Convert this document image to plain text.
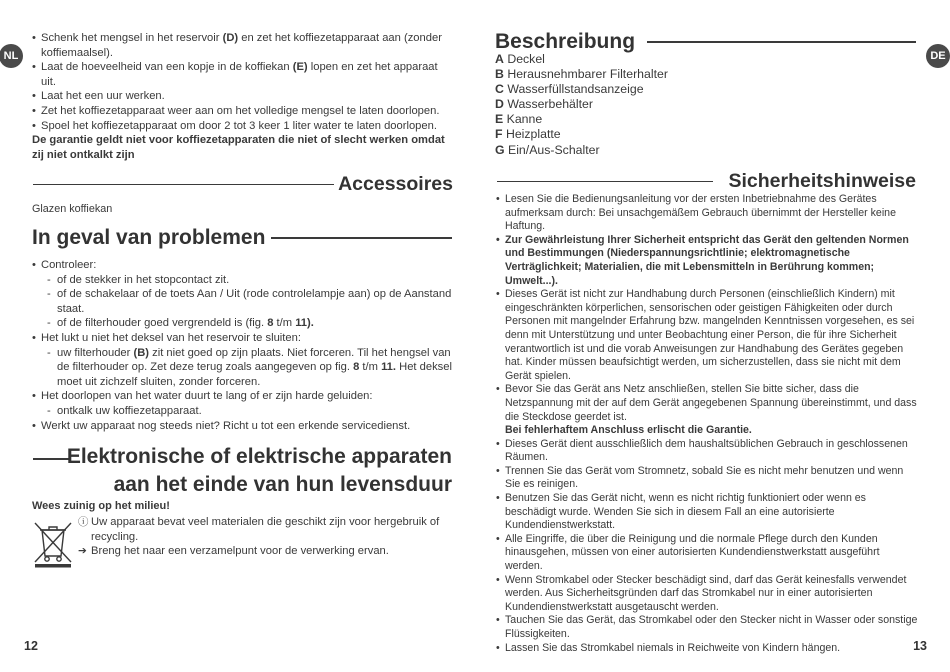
NL
• Schenk het mengsel in het reservoir (D) en zet het koffiezetapparaat aan (zonder koffiemaalsel).
• Laat de hoeveelheid van een kopje in de koffiekan (E) lopen en zet het apparaat uit.
• Laat het een uur werken.
• Zet het koffiezetapparaat weer aan om het volledige mengsel te laten doorlopen.
• Spoel het koffiezetapparaat om door 2 tot 3 keer 1 liter water te laten doorlopen.
De garantie geldt niet voor koffiezetapparaten die niet of slecht werken omdat zij niet ontkalkt zijn
Accessoires
Glazen koffiekan
In geval van problemen
• Controleer:
- of de stekker in het stopcontact zit.
- of de schakelaar of de toets Aan / Uit (rode controlelampje aan) op de Aanstand staat.
- of de filterhouder goed vergrendeld is (fig. 8 t/m 11).
• Het lukt u niet het deksel van het reservoir te sluiten:
- uw filterhouder (B) zit niet goed op zijn plaats. Niet forceren. Til het hengsel van de filterhouder op. Zet deze terug zoals aangegeven op fig. 8 t/m 11. Het deksel moet uit zichzelf sluiten, zonder forceren.
• Het doorlopen van het water duurt te lang of er zijn harde geluiden:
- ontkalk uw koffiezetapparaat.
• Werkt uw apparaat nog steeds niet? Richt u tot een erkende servicedienst.
Elektronische of elektrische apparaten
aan het einde van hun levensduur
Wees zuinig op het milieu!
ⓘ Uw apparaat bevat veel materialen die geschikt zijn voor hergebruik of recycling.
➔ Breng het naar een verzamelpunt voor de verwerking ervan.
12
DE
Beschreibung
A Deckel
B Herausnehmbarer Filterhalter
C Wasserfüllstandsanzeige
D Wasserbehälter
E Kanne
F Heizplatte
G Ein/Aus-Schalter
Sicherheitshinweise
• Lesen Sie die Bedienungsanleitung vor der ersten Inbetriebnahme des Gerätes aufmerksam durch: Bei unsachgemäßem Gebrauch übernimmt der Hersteller keine Haftung.
• Zur Gewährleistung Ihrer Sicherheit entspricht das Gerät den geltenden Normen und Bestimmungen (Niederspannungsrichtlinie; elektromagnetische Verträglichkeit; Materialien, die mit Lebensmitteln in Berührung kommen; Umwelt...).
• Dieses Gerät ist nicht zur Handhabung durch Personen (einschließlich Kindern) mit eingeschränkten körperlichen, sensorischen oder geistigen Fähigkeiten oder durch Personen mit mangelnder Erfahrung bzw. mangelnden Kenntnissen vorgesehen, es sei denn mit Unterstützung und unter Beobachtung einer Person, die für ihre Sicherheit verantwortlich ist und die vorab Anweisungen zur Handhabung des Gerätes gegeben hat. Kinder müssen beaufsichtigt werden, um sicherzustellen, dass sie nicht mit dem Gerät spielen.
• Bevor Sie das Gerät ans Netz anschließen, stellen Sie bitte sicher, dass die Netzspannung mit der auf dem Gerät angegebenen Spannung übereinstimmt, und dass die Steckdose geerdet ist.
Bei fehlerhaftem Anschluss erlischt die Garantie.
• Dieses Gerät dient ausschließlich dem haushaltsüblichen Gebrauch in geschlossenen Räumen.
• Trennen Sie das Gerät vom Stromnetz, sobald Sie es nicht mehr benutzen und wenn Sie es reinigen.
• Benutzen Sie das Gerät nicht, wenn es nicht richtig funktioniert oder wenn es beschädigt wurde. Wenden Sie sich in diesem Fall an eine autorisierte Kundendienstwerkstatt.
• Alle Eingriffe, die über die Reinigung und die normale Pflege durch den Kunden hinausgehen, müssen von einer autorisierten Kundendienstwerkstatt ausgeführt werden.
• Wenn Stromkabel oder Stecker beschädigt sind, darf das Gerät keinesfalls verwendet werden. Aus Sicherheitsgründen darf das Stromkabel nur in einer autorisierten Kundendienstwerkstatt ausgetauscht werden.
• Tauchen Sie das Gerät, das Stromkabel oder den Stecker nicht in Wasser oder sonstige Flüssigkeiten.
• Lassen Sie das Stromkabel niemals in Reichweite von Kindern hängen.	13
